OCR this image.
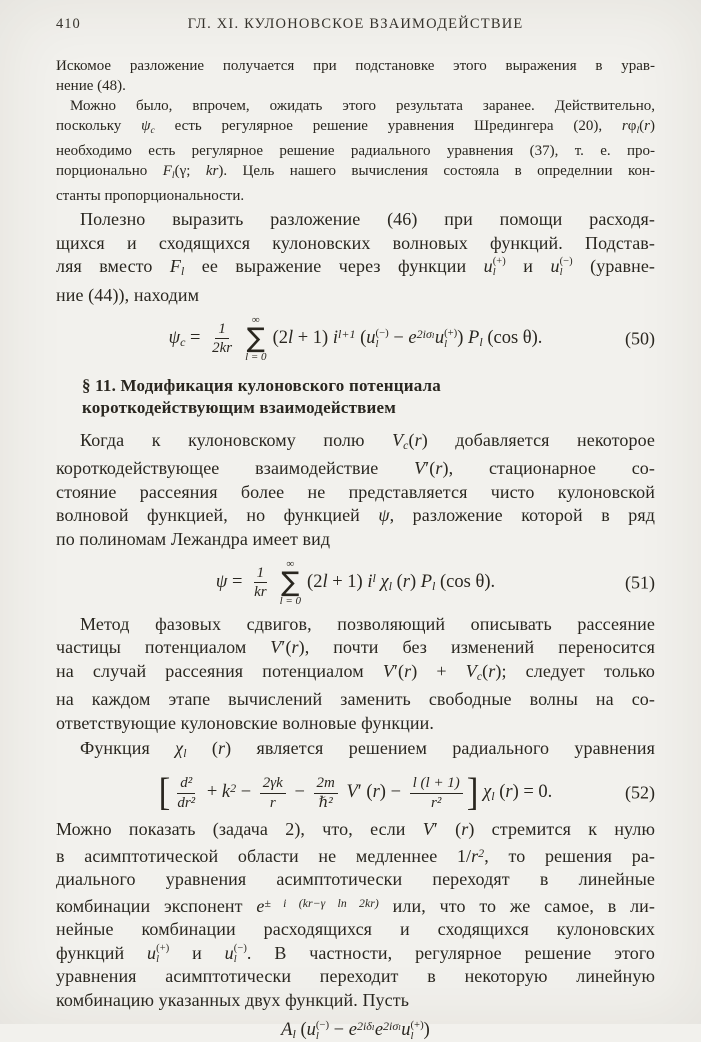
410	ГЛ. XI. КУЛОНОВСКОЕ ВЗАИМОДЕЙСТВИЕ
Искомое разложение получается при подстановке этого выражения в урав-
нение (48).
Можно было, впрочем, ожидать этого результата заранее. Действительно,
поскольку $\psi_c$ есть регулярное решение уравнения Шредингера (20), $r\varphi_l(r)$
необходимо есть регулярное решение радиального уравнения (37), т. е. про-
порционально $F_l(\gamma$; kr). Цель нашего вычисления состояла в определнии кон-
станты пропорциональности.
Полезно выразить разложение (46) при помощи расходя-
щихся и сходящихся кулоновских волновых функций. Подстав-
ляя вместо Fl ее выражение через функции u (+)
l и u (−)
l (уравне-
ние (44)), находим
$\psi c = \frac{1}{2kr}$ ∞
∑
l = 0
(2l + 1) $i^{l+1}$ (u (−)
$l - e^{2i\sigma_l}u$ (+)
l ) Pl (cos θ).	(50)
§ 11. Модификация кулоновского потенциала
короткодействующим взаимодействием
Когда к кулоновскому полю Vc(r) добавляется некоторое
короткодействующее взаимодействие V′(r), стационарное со-
стояние рассеяния более не представляется чисто кулоновской
волновой функцией, но функцией ψ, разложение которой в ряд
по полиномам Лежандра имеет вид
$\psi = \frac{1}{kr}$ ∞
∑
l = 0
(2l + 1) $i^l$ χl (r) Pl (cos θ).	(51)
Метод фазовых сдвигов, позволяющий описывать рассеяние
частицы потенциалом V′(r), почти без изменений переносится
на случай рассеяния потенциалом V′(r) + Vc(r); следует только
на каждом этапе вычислений заменить свободные волны на со-
ответствующие кулоновские волновые функции.
Функция χl (r) является решением радиального уравнения
[ $\frac{\text{d²}}{\text{dr²}} + k^2 - \frac{2\gamma k}{r} - \frac{2m}{\text{ℏ²}} V'$ $(r) - \frac{l (l + 1)}{\text{r²}}$ ] χl (r) = 0.	(52)
Можно показать (задача 2), что, если V′ (r) стремится к нулю
в асимптотической области не медленнее $1/r^2$, то решения ра-
диального уравнения асимптотически переходят в линейные
комбинации экспонент $e^{\pm i (kr-\gamma ln 2kr)}$ или, что то же самое, в ли-
нейные комбинации расходящихся и сходящихся кулоновских
функций u (+)
l и u (−)
l . В частности, регулярное решение этого
уравнения асимптотически переходит в некоторую линейную
комбинацию указанных двух функций. Пусть
Al (u (−)
$l - e^{2i\delta_l}e^{2i\sigma_l}u$ (+)
l )
